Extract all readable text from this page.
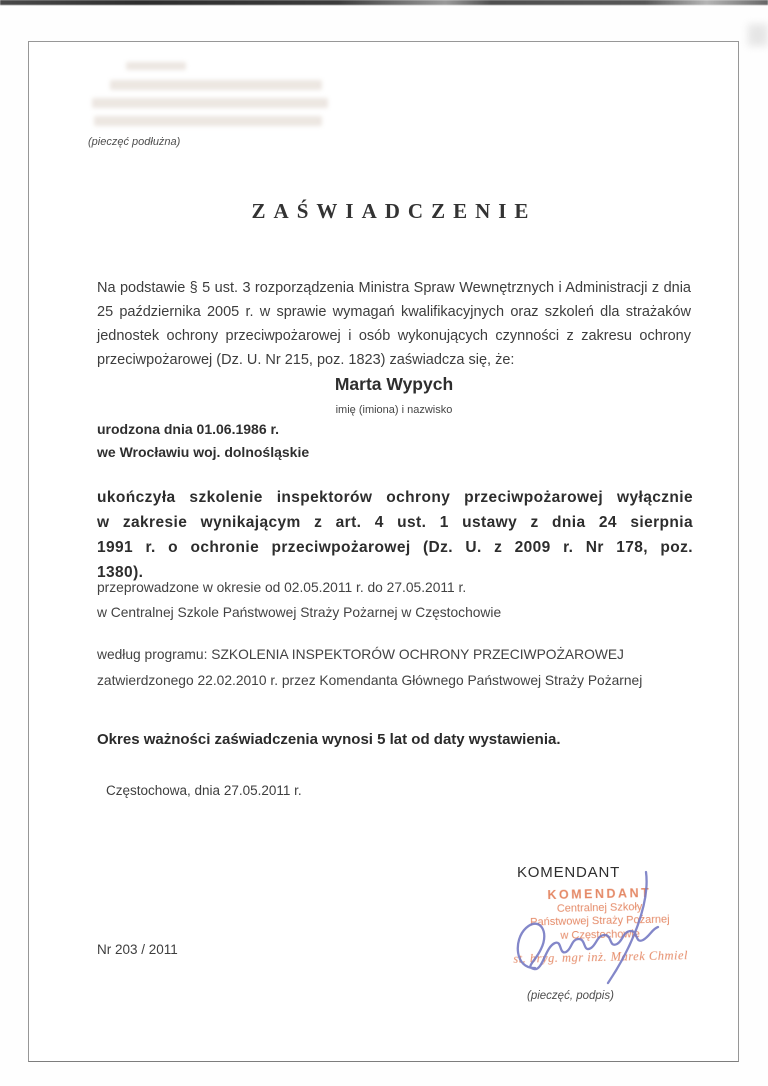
(pieczęć podłużna)
ZAŚWIADCZENIE
Na podstawie § 5 ust. 3 rozporządzenia Ministra Spraw Wewnętrznych i Administracji z dnia 25 października 2005 r. w sprawie wymagań kwalifikacyjnych oraz szkoleń dla strażaków jednostek ochrony przeciwpożarowej i osób wykonujących czynności z zakresu ochrony przeciwpożarowej (Dz. U. Nr 215, poz. 1823) zaświadcza się, że:
Marta Wypych
imię (imiona) i nazwisko
urodzona dnia 01.06.1986 r.
we Wrocławiu woj. dolnośląskie
ukończyła szkolenie inspektorów ochrony przeciwpożarowej wyłącznie w zakresie wynikającym z art. 4 ust. 1 ustawy z dnia 24 sierpnia 1991 r. o ochronie przeciwpożarowej (Dz. U. z 2009 r. Nr 178, poz. 1380).
przeprowadzone w okresie od 02.05.2011 r. do 27.05.2011 r.
w Centralnej Szkole Państwowej Straży Pożarnej w Częstochowie
według programu: SZKOLENIA INSPEKTORÓW OCHRONY PRZECIWPOŻAROWEJ
zatwierdzonego 22.02.2010 r. przez Komendanta Głównego Państwowej Straży Pożarnej
Okres ważności zaświadczenia wynosi 5 lat od daty wystawienia.
Częstochowa, dnia 27.05.2011 r.
KOMENDANT
KOMENDANT
Centralnej Szkoły
Państwowej Straży Pożarnej
w Częstochowie
st. bryg. mgr inż. Marek Chmiel
Nr 203 / 2011
(pieczęć, podpis)
